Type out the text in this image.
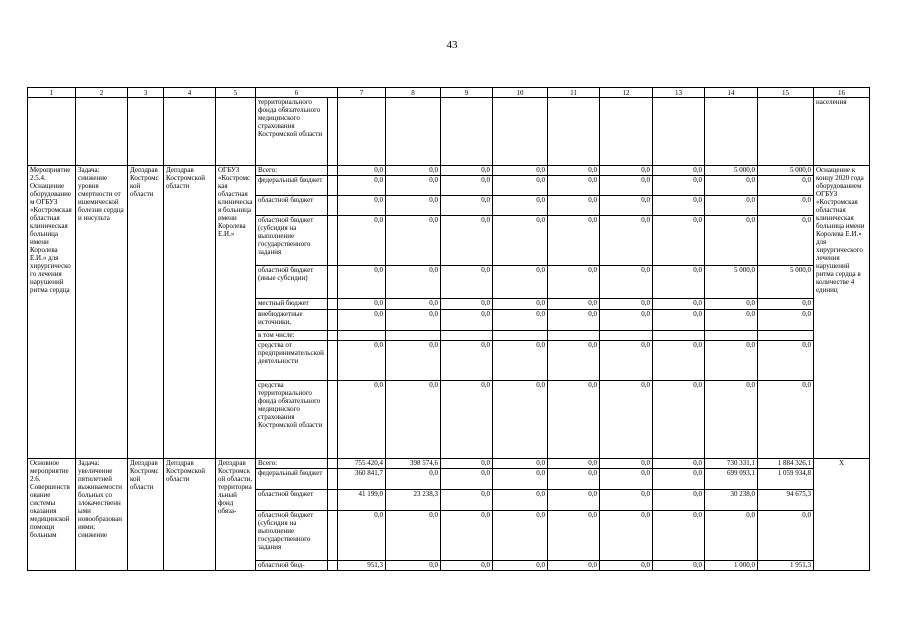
43
1	2	3	4	5	6		7	8	9	10	11	12	13	14	15	16
					территориального фонда обязательного медицинского страхования Костромской области											населения
Мероприятие 2.5.4. Оснащение оборудованием ОГБУЗ «Костромская областная клиническая больница имени Королева Е.И.» для хирургического лечения нарушений ритма сердца	Задача: снижение уровня смертности от ишемической болезни сердца и инсульта	Депздрав Костромской области	Депздрав Костромской области	ОГБУЗ «Костромская областная клиническая больница имени Королева Е.И.»	Всего:		0,0	0,0	0,0	0,0	0,0	0,0	0,0	5 000,0	5 000,0	Оснащение к концу 2020 года оборудованием ОГБУЗ «Костромская областная клиническая больница имени Королева Е.И.» для хирургического лечения нарушений ритма сердца в количестве 4 единиц
					федеральный бюджет		0,0	0,0	0,0	0,0	0,0	0,0	0,0	0,0	0,0	
					областной бюджет		0,0	0,0	0,0	0,0	0,0	0,0	0,0	0,0	0,0	
					областной бюджет (субсидия на выполнение государственного задания		0,0	0,0	0,0	0,0	0,0	0,0	0,0	0,0	0,0	
					областной бюджет (иные субсидии)		0,0	0,0	0,0	0,0	0,0	0,0	0,0	5 000,0	5 000,0	
					местный бюджет		0,0	0,0	0,0	0,0	0,0	0,0	0,0	0,0	0,0	
					внебюджетные источники,		0,0	0,0	0,0	0,0	0,0	0,0	0,0	0,0	0,0	
					в том числе:											
					средства от предпринимательской деятельности		0,0	0,0	0,0	0,0	0,0	0,0	0,0	0,0	0,0	
					средства территориального фонда обязательного медицинского страхования Костромской области		0,0	0,0	0,0	0,0	0,0	0,0	0,0	0,0	0,0	
Основное мероприятие 2.6. Совершенствование системы оказания медицинской помощи больным	Задача: увеличение пятилетней выживаемости больных со злокачественными новообразованиями; снижение	Депздрав Костромской области	Депздрав Костромской области	Депздрав Костромской области, территориальный фонд обяза-	Всего:		755 420,4	398 574,6	0,0	0,0	0,0	0,0	0,0	730 331,1	1 884 326,1	X
					федеральный бюджет		360 841,7	0,0	0,0	0,0	0,0	0,0	0,0	699 093,1	1 059 934,8	
					областной бюджет		41 199,0	23 238,3	0,0	0,0	0,0	0,0	0,0	30 238,0	94 675,3	
					областной бюджет (субсидия на выполнение государственного задания		0,0	0,0	0,0	0,0	0,0	0,0	0,0	0,0	0,0	
					областной бюд-		951,3	0,0	0,0	0,0	0,0	0,0	0,0	1 000,0	1 951,3	
